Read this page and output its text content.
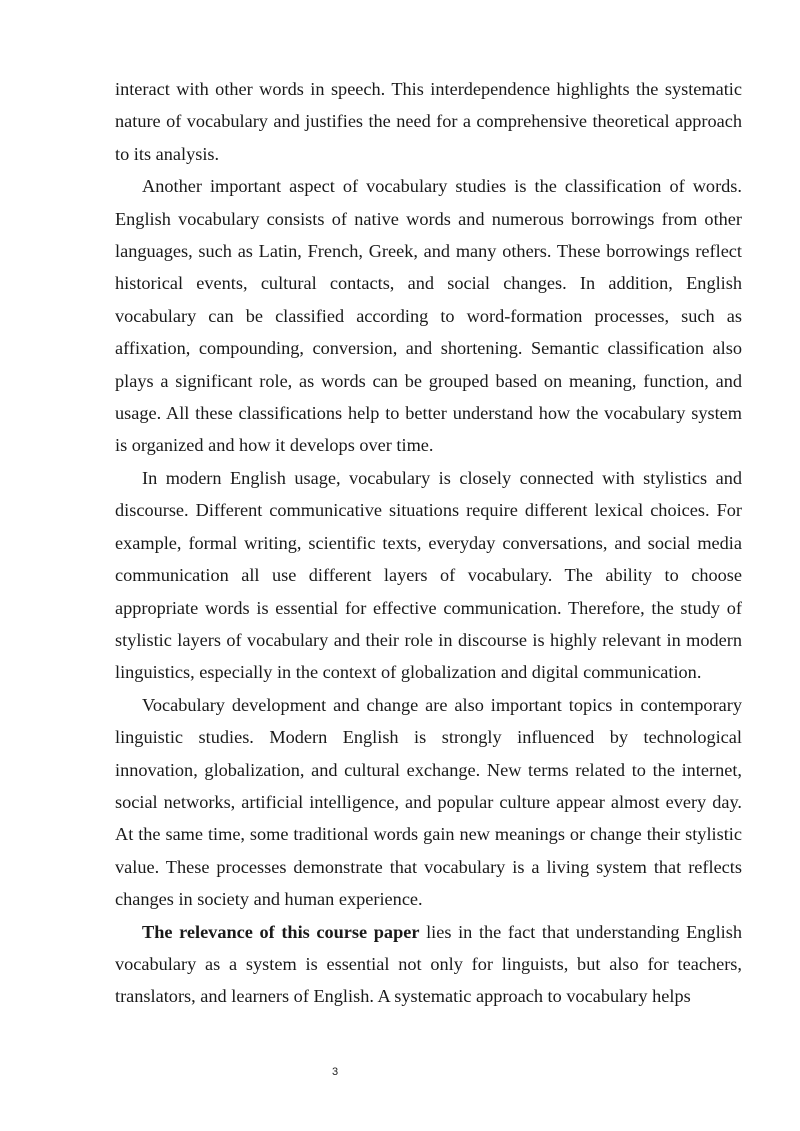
interact with other words in speech. This interdependence highlights the systematic nature of vocabulary and justifies the need for a comprehensive theoretical approach to its analysis.

Another important aspect of vocabulary studies is the classification of words. English vocabulary consists of native words and numerous borrowings from other languages, such as Latin, French, Greek, and many others. These borrowings reflect historical events, cultural contacts, and social changes. In addition, English vocabulary can be classified according to word-formation processes, such as affixation, compounding, conversion, and shortening. Semantic classification also plays a significant role, as words can be grouped based on meaning, function, and usage. All these classifications help to better understand how the vocabulary system is organized and how it develops over time.

In modern English usage, vocabulary is closely connected with stylistics and discourse. Different communicative situations require different lexical choices. For example, formal writing, scientific texts, everyday conversations, and social media communication all use different layers of vocabulary. The ability to choose appropriate words is essential for effective communication. Therefore, the study of stylistic layers of vocabulary and their role in discourse is highly relevant in modern linguistics, especially in the context of globalization and digital communication.

Vocabulary development and change are also important topics in contemporary linguistic studies. Modern English is strongly influenced by technological innovation, globalization, and cultural exchange. New terms related to the internet, social networks, artificial intelligence, and popular culture appear almost every day. At the same time, some traditional words gain new meanings or change their stylistic value. These processes demonstrate that vocabulary is a living system that reflects changes in society and human experience.

The relevance of this course paper lies in the fact that understanding English vocabulary as a system is essential not only for linguists, but also for teachers, translators, and learners of English. A systematic approach to vocabulary helps

3
